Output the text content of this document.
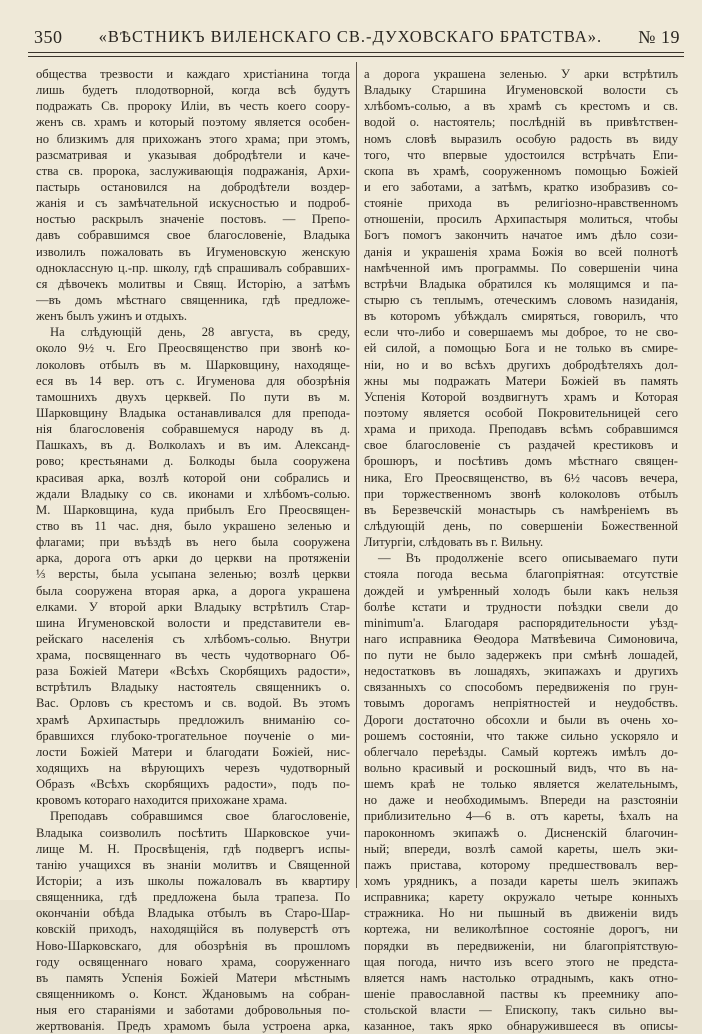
350 «ВѢСТНИКЪ ВИЛЕНСКАГО СВ.-ДУХОВСКАГО БРАТСТВА». № 19
общества трезвости и каждаго христіанина тогда
лишь будетъ плодотворной, когда всѣ будутъ
подражать Св. пророку Иліи, въ честь коего соору-
женъ св. храмъ и который поэтому является особен-
но близкимъ для прихожанъ этого храма; при этомъ,
разсматривая и указывая добродѣтели и каче-
ства св. пророка, заслуживающія подражанія, Архи-
пастырь остановился на добродѣтели воздер-
жанія и съ замѣчательной искусностью и подроб-
ностью раскрылъ значеніе постовъ. — Препо-
давъ собравшимся свое благословеніе, Владыка
изволилъ пожаловать въ Игуменовскую женскую
одноклассную ц.-пр. школу, гдѣ спрашивалъ собравших-
ся дѣвочекъ молитвы и Свящ. Исторію, а затѣмъ
—въ домъ мѣстнаго священника, гдѣ предложе-
женъ былъ ужинъ и отдыхъ.
На слѣдующій день, 28 августа, въ среду,
около 9½ ч. Его Преосвященство при звонѣ ко-
локоловъ отбылъ въ м. Шарковщину, находяще-
еся въ 14 вер. отъ с. Игуменова для обозрѣнія
тамошнихъ двухъ церквей. По пути въ м.
Шарковщину Владыка останавливался для препода-
нія благословенія собравшемуся народу въ д.
Пашкахъ, въ д. Волколахъ и въ им. Александ-
рово; крестьянами д. Болкоды была сооружена
красивая арка, возлѣ которой они собрались и
ждали Владыку со св. иконами и хлѣбомъ-солью.
М. Шарковщина, куда прибылъ Его Преосвящен-
ство въ 11 час. дня, было украшено зеленью и
флагами; при въѣздѣ въ него была сооружена
арка, дорога отъ арки до церкви на протяженіи
⅓ версты, была усыпана зеленью; возлѣ церкви
была сооружена вторая арка, а дорога украшена
елками. У второй арки Владыку встрѣтилъ Стар-
шина Игуменовской волости и представители ев-
рейскаго населенія съ хлѣбомъ-солью. Внутри
храма, посвященнаго въ честь чудотворнаго Об-
раза Божіей Матери «Всѣхъ Скорбящихъ радости»,
встрѣтилъ Владыку настоятель священникъ о.
Вас. Орловъ съ крестомъ и св. водой. Въ этомъ
храмѣ Архипастырь предложилъ вниманію со-
бравшихся глубоко-трогательное поученіе о ми-
лости Божіей Матери и благодати Божіей, нис-
ходящихъ на вѣрующихъ черезъ чудотворный
Образъ «Всѣхъ скорбящихъ радости», подъ по-
кровомъ котораго находится прихожане храма.
Преподавъ собравшимся свое благословеніе,
Владыка соизволилъ посѣтить Шарковское учи-
лище М. Н. Просвѣщенія, гдѣ подвергъ испы-
танію учащихся въ знаніи молитвъ и Священной
Исторіи; а изъ школы пожаловалъ въ квартиру
священника, гдѣ предложена была трапеза. По
окончаніи обѣда Владыка отбылъ въ Старо-Шар-
ковскій приходъ, находящійся въ полуверстѣ отъ
Ново-Шарковскаго, для обозрѣнія въ прошломъ
году освященнаго новаго храма, сооруженнаго
въ память Успенія Божіей Матери мѣстнымъ
священникомъ о. Конст. Ждановымъ на собран-
ныя его стараніями и заботами добровольныя по-
жертвованія. Предъ храмомъ была устроена арка,
а дорога украшена зеленью. У арки встрѣтилъ
Владыку Старшина Игуменовской волости съ
хлѣбомъ-солью, а въ храмѣ съ крестомъ и св.
водой о. настоятель; послѣдній въ привѣтствен-
номъ словѣ выразилъ особую радость въ виду
того, что впервые удостоился встрѣчать Епи-
скопа въ храмѣ, сооруженномъ помощью Божіей
и его заботами, а затѣмъ, кратко изобразивъ со-
стояніе прихода въ религіозно-нравственномъ
отношеніи, просилъ Архипастыря молиться, чтобы
Богъ помогъ закончить начатое имъ дѣло сози-
данія и украшенія храма Божія во всей полнотѣ
намѣченной имъ программы. По совершеніи чина
встрѣчи Владыка обратился къ молящимся и па-
стырю съ теплымъ, отеческимъ словомъ назиданія,
въ которомъ убѣждалъ смиряться, говорилъ, что
если что-либо и совершаемъ мы доброе, то не сво-
ей силой, а помощью Бога и не только въ смире-
ніи, но и во всѣхъ другихъ добродѣтеляхъ дол-
жны мы подражать Матери Божіей въ память
Успенія Которой воздвигнутъ храмъ и Которая
поэтому является особой Покровительницей сего
храма и прихода. Преподавъ всѣмъ собравшимся
свое благословеніе съ раздачей крестиковъ и
брошюръ, и посѣтивъ домъ мѣстнаго священ-
ника, Его Преосвященство, въ 6½ часовъ вечера,
при торжественномъ звонѣ колоколовъ отбылъ
въ Березвечскій монастырь съ намѣреніемъ въ
слѣдующій день, по совершеніи Божественной
Литургіи, слѣдовать въ г. Вильну.
— Въ продолженіе всего описываемаго пути
стояла погода весьма благопріятная: отсутствіе
дождей и умѣренный холодъ были какъ нельзя
болѣе кстати и трудности поѣздки свели до
minimum'а. Благодаря распорядительности уѣзд-
наго исправника Ѳеодора Матвѣевича Симоновича,
по пути не было задержекъ при смѣнѣ лошадей,
недостатковъ въ лошадяхъ, экипажахъ и другихъ
связанныхъ со способомъ передвиженія по грун-
товымъ дорогамъ непріятностей и неудобствъ.
Дороги достаточно обсохли и были въ очень хо-
рошемъ состояніи, что также сильно ускоряло и
облегчало переѣзды. Самый кортежъ имѣлъ до-
вольно красивый и роскошный видъ, что въ на-
шемъ краѣ не только является желательнымъ,
но даже и необходимымъ. Впереди на разстояніи
приблизительно 4—6 в. отъ кареты, ѣхалъ на
пароконномъ экипажѣ о. Дисненскій благочин-
ный; впереди, возлѣ самой кареты, шелъ эки-
пажъ пристава, которому предшествовалъ вер-
хомъ урядникъ, а позади кареты шелъ экипажъ
исправника; карету окружало четыре конныхъ
стражника. Но ни пышный въ движеніи видъ
кортежа, ни великолѣпное состояніе дорогъ, ни
порядки въ передвиженіи, ни благопріятствую-
щая погода, ничто изъ всего этого не предста-
вляется намъ настолько отраднымъ, какъ отно-
шеніе православной паствы къ преемнику апо-
стольской власти — Епископу, такъ сильно вы-
казанное, такъ ярко обнаружившееся въ описы-
